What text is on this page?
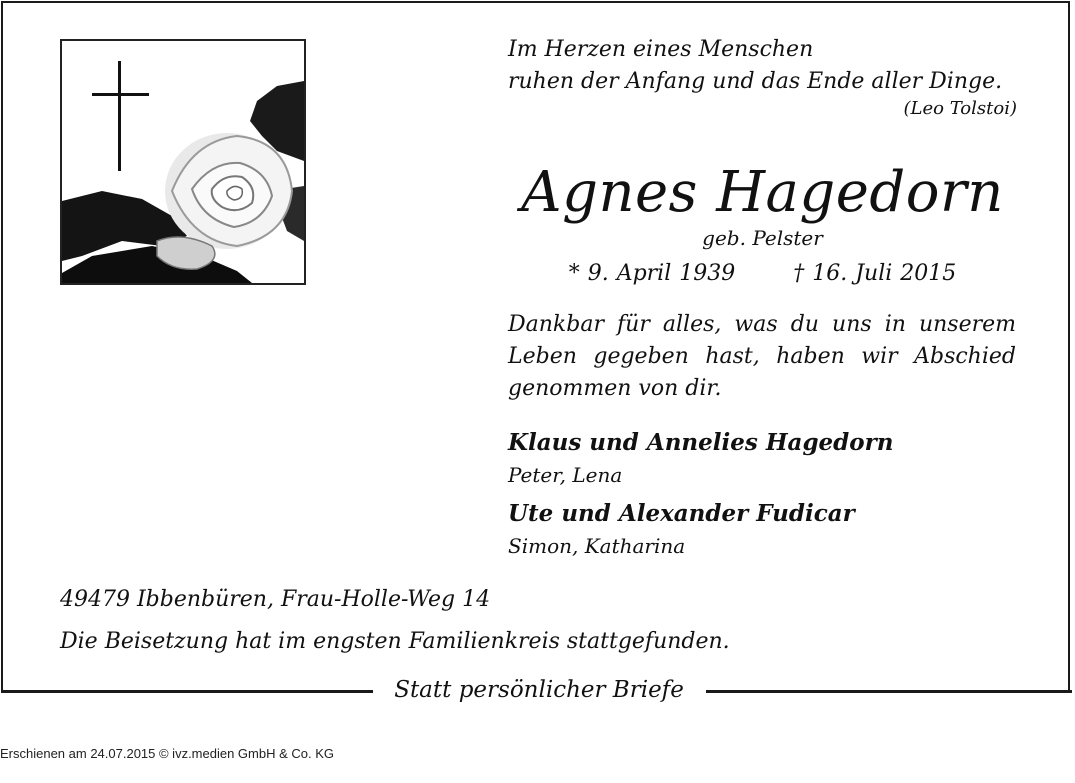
Statt persönlicher Briefe
Im Herzen eines Menschen
ruhen der Anfang und das Ende aller Dinge.
(Leo Tolstoi)
Agnes Hagedorn
geb. Pelster
* 9. April 1939	† 16. Juli 2015
Dankbar für alles, was du uns in unserem Leben gegeben hast, haben wir Abschied genommen von dir.
Klaus und Annelies Hagedorn
Peter, Lena
Ute und Alexander Fudicar
Simon, Katharina
49479 Ibbenbüren, Frau-Holle-Weg 14
Die Beisetzung hat im engsten Familienkreis stattgefunden.
Erschienen am 24.07.2015 © ivz.medien GmbH & Co. KG
